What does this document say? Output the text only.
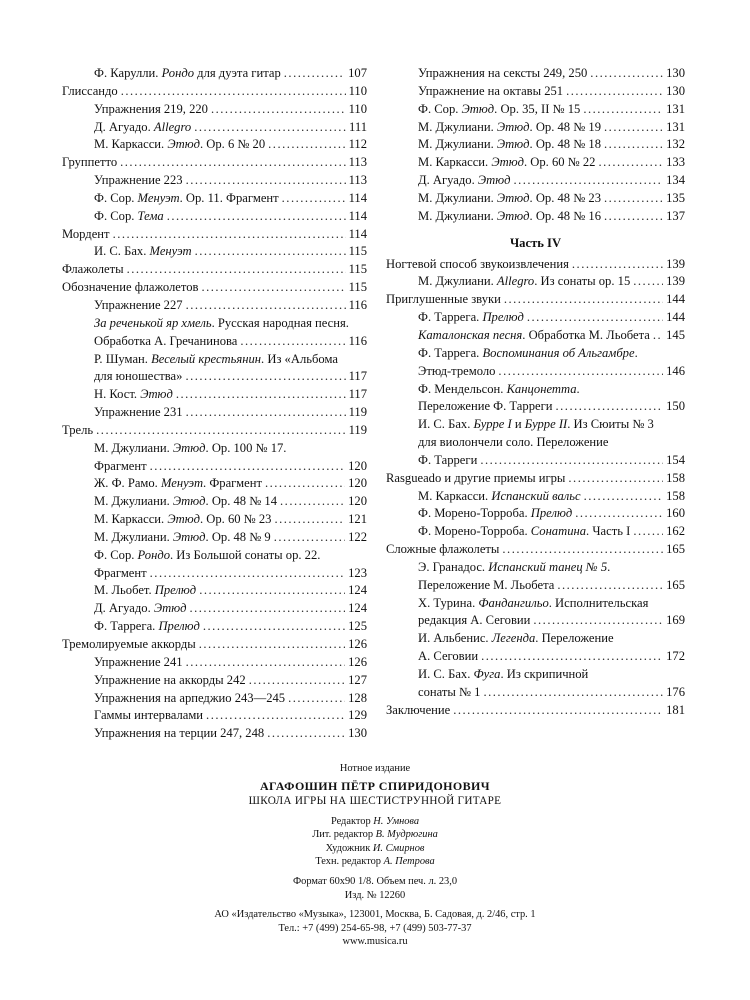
Ф. Карулли. Рондо для дуэта гитар .....	107
Глиссандо .....	110
Упражнения 219, 220 .....	110
Д. Агуадо. Allegro .....	111
М. Каркасси. Этюд. Op. 6 № 20 .....	112
Группетто .....	113
Упражнение 223 .....	113
Ф. Сор. Менуэт. Op. 11. Фрагмент .....	114
Ф. Сор. Тема .....	114
Мордент .....	114
И. С. Бах. Менуэт .....	115
Флажолеты .....	115
Обозначение флажолетов .....	115
Упражнение 227 .....	116
За реченькой яр хмель. Русская народная песня.
Обработка А. Гречанинова .....	116
Р. Шуман. Веселый крестьянин. Из «Альбома
для юношества» .....	117
Н. Кост. Этюд .....	117
Упражнение 231 .....	119
Трель .....	119
М. Джулиани. Этюд. Op. 100 № 17.
Фрагмент .....	120
Ж. Ф. Рамо. Менуэт. Фрагмент .....	120
М. Джулиани. Этюд. Op. 48 № 14 .....	120
М. Каркасси. Этюд. Op. 60 № 23 .....	121
М. Джулиани. Этюд. Op. 48 № 9 .....	122
Ф. Сор. Рондо. Из Большой сонаты ор. 22.
Фрагмент .....	123
М. Льобет. Прелюд .....	124
Д. Агуадо. Этюд .....	124
Ф. Таррега. Прелюд .....	125
Тремолируемые аккорды .....	126
Упражнение 241 .....	126
Упражнение на аккорды 242 .....	127
Упражнения на арпеджио 243—245 .....	128
Гаммы интервалами .....	129
Упражнения на терции 247, 248 .....	130
Упражнения на сексты 249, 250 .....	130
Упражнение на октавы 251 .....	130
Ф. Сор. Этюд. Op. 35, II № 15 .....	131
М. Джулиани. Этюд. Op. 48 № 19 .....	131
М. Джулиани. Этюд. Op. 48 № 18 .....	132
М. Каркасси. Этюд. Op. 60 № 22 .....	133
Д. Агуадо. Этюд .....	134
М. Джулиани. Этюд. Op. 48 № 23 .....	135
М. Джулиани. Этюд. Op. 48 № 16 .....	137
Часть IV
Ногтевой способ звукоизвлечения .....	139
М. Джулиани. Allegro. Из сонаты ор. 15 .....	139
Приглушенные звуки .....	144
Ф. Таррега. Прелюд .....	144
Каталонская песня. Обработка М. Льобета ..... 145
Ф. Таррега. Воспоминания об Альгамбре.
Этюд-тремоло .....	146
Ф. Мендельсон. Канцонетта.
Переложение Ф. Тарреги .....	150
И. С. Бах. Бурре I и Бурре II. Из Сюиты № 3
для виолончели соло. Переложение
Ф. Тарреги .....	154
Rasgueado и другие приемы игры .....	158
М. Каркасси. Испанский вальс .....	158
Ф. Морено-Торроба. Прелюд .....	160
Ф. Морено-Торроба. Сонатина. Часть I .....	162
Сложные флажолеты .....	165
Э. Гранадос. Испанский танец № 5.
Переложение М. Льобета .....	165
Х. Турина. Фандангильо. Исполнительская
редакция А. Сеговии .....	169
И. Альбенис. Легенда. Переложение
А. Сеговии .....	172
И. С. Бах. Фуга. Из скрипичной
сонаты № 1 .....	176
Заключение .....	181
Нотное издание
АГАФОШИН ПЁТР СПИРИДОНОВИЧ
ШКОЛА ИГРЫ НА ШЕСТИСТРУННОЙ ГИТАРЕ
Редактор Н. Умнова
Лит. редактор В. Мудрюгина
Художник И. Смирнов
Техн. редактор А. Петрова
Формат 60х90 1/8. Объем печ. л. 23,0
Изд. № 12260
АО «Издательство «Музыка», 123001, Москва, Б. Садовая, д. 2/46, стр. 1
Тел.: +7 (499) 254-65-98, +7 (499) 503-77-37
www.musica.ru
